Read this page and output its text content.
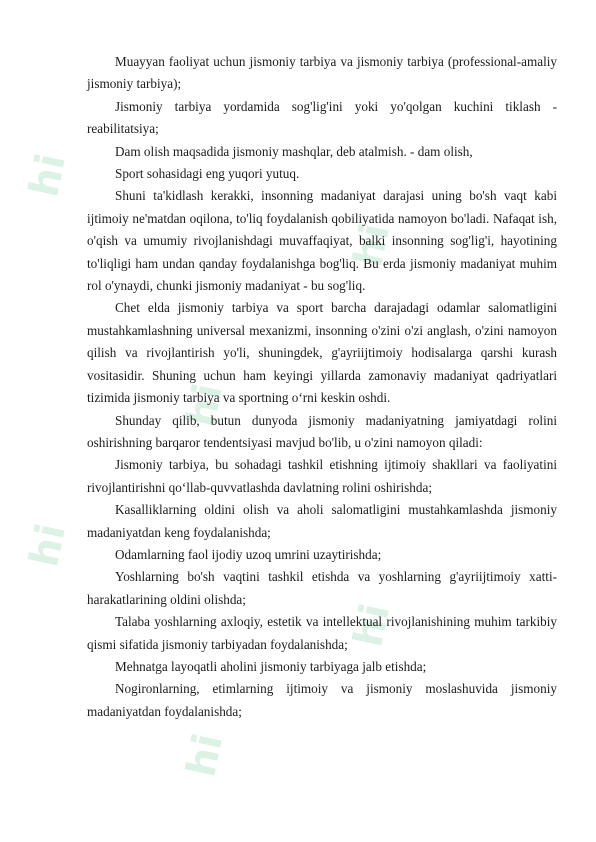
hi
hi
hi
hi
hi
hi

Muayyan faoliyat uchun jismoniy tarbiya va jismoniy tarbiya (professional-amaliy jismoniy tarbiya);

Jismoniy tarbiya yordamida sog'lig'ini yoki yo'qolgan kuchini tiklash - reabilitatsiya;

Dam olish maqsadida jismoniy mashqlar, deb atalmish. - dam olish,

Sport sohasidagi eng yuqori yutuq.

Shuni ta'kidlash kerakki, insonning madaniyat darajasi uning bo'sh vaqt kabi ijtimoiy ne'matdan oqilona, to'liq foydalanish qobiliyatida namoyon bo'ladi. Nafaqat ish, o'qish va umumiy rivojlanishdagi muvaffaqiyat, balki insonning sog'lig'i, hayotining to'liqligi ham undan qanday foydalanishga bog'liq. Bu erda jismoniy madaniyat muhim rol o'ynaydi, chunki jismoniy madaniyat - bu sog'liq.

Chet elda jismoniy tarbiya va sport barcha darajadagi odamlar salomatligini mustahkamlashning universal mexanizmi, insonning o'zini o'zi anglash, o'zini namoyon qilish va rivojlantirish yo'li, shuningdek, g'ayriijtimoiy hodisalarga qarshi kurash vositasidir. Shuning uchun ham keyingi yillarda zamonaviy madaniyat qadriyatlari tizimida jismoniy tarbiya va sportning o‘rni keskin oshdi.

Shunday qilib, butun dunyoda jismoniy madaniyatning jamiyatdagi rolini oshirishning barqaror tendentsiyasi mavjud bo'lib, u o'zini namoyon qiladi:

Jismoniy tarbiya, bu sohadagi tashkil etishning ijtimoiy shakllari va faoliyatini rivojlantirishni qo‘llab-quvvatlashda davlatning rolini oshirishda;

Kasalliklarning oldini olish va aholi salomatligini mustahkamlashda jismoniy madaniyatdan keng foydalanishda;

Odamlarning faol ijodiy uzoq umrini uzaytirishda;

Yoshlarning bo'sh vaqtini tashkil etishda va yoshlarning g'ayriijtimoiy xatti-harakatlarining oldini olishda;

Talaba yoshlarning axloqiy, estetik va intellektual rivojlanishining muhim tarkibiy qismi sifatida jismoniy tarbiyadan foydalanishda;

Mehnatga layoqatli aholini jismoniy tarbiyaga jalb etishda;

Nogironlarning, etimlarning ijtimoiy va jismoniy moslashuvida jismoniy madaniyatdan foydalanishda;
